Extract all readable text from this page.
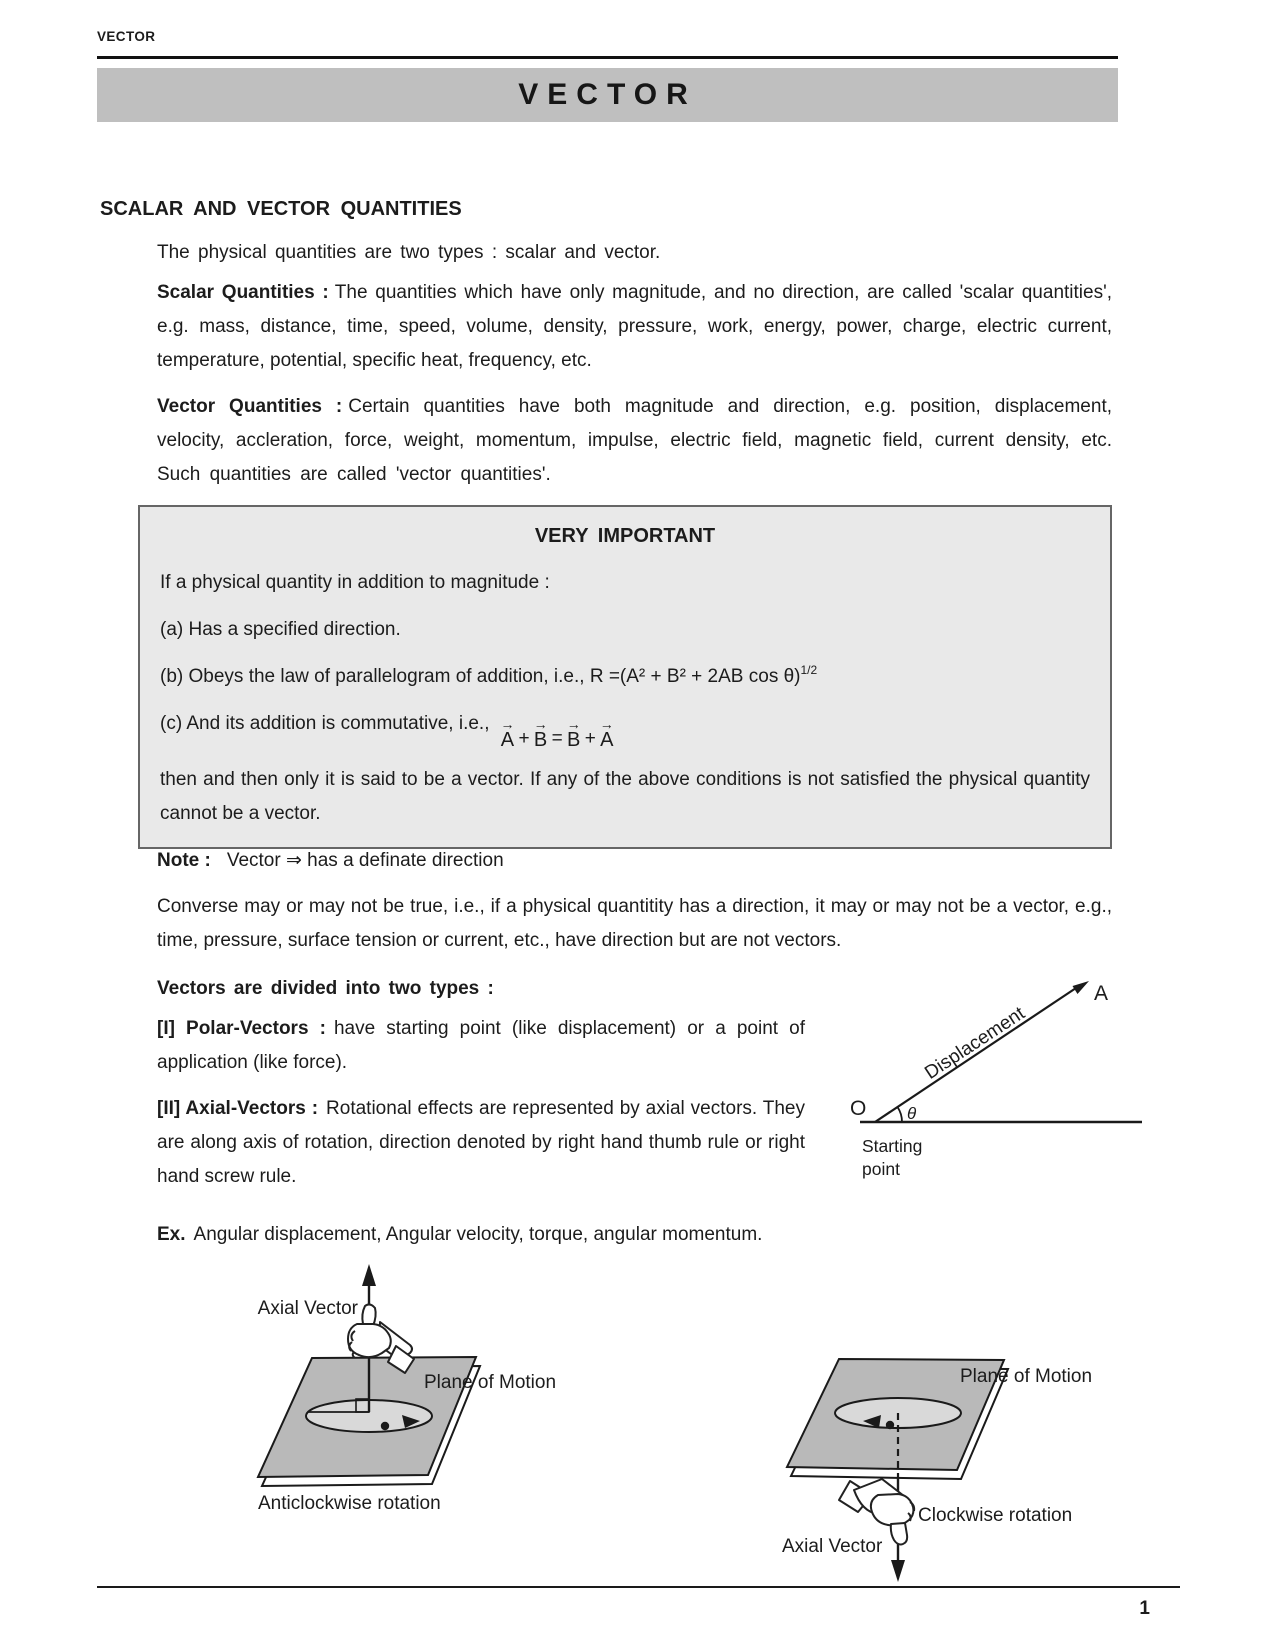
VECTOR
VECTOR
SCALAR AND VECTOR QUANTITIES
The physical quantities are two types : scalar and vector.
Scalar Quantities : The quantities which have only magnitude, and no direction, are called 'scalar quantities', e.g. mass, distance, time, speed, volume, density, pressure, work, energy, power, charge, electric current, temperature, potential, specific heat, frequency, etc.
Vector Quantities : Certain quantities have both magnitude and direction, e.g. position, displacement, velocity, accleration, force, weight, momentum, impulse, electric field, magnetic field, current density, etc. Such quantities are called 'vector quantities'.
VERY IMPORTANT
If a physical quantity in addition to magnitude :
(a) Has a specified direction.
(b) Obeys the law of parallelogram of addition, i.e., R =(A² + B² + 2AB cos θ)$^{1/2}$
(c) And its addition is commutative, i.e., →
A +
→
B =
→
B +
→
A
then and then only it is said to be a vector. If any of the above conditions is not satisfied the physical quantity cannot be a vector.
Note : Vector ⇒ has a definate direction
Converse may or may not be true, i.e., if a physical quantitity has a direction, it may or may not be a vector, e.g., time, pressure, surface tension or current, etc., have direction but are not vectors.
Vectors are divided into two types :
[I] Polar-Vectors : have starting point (like displacement) or a point of application (like force).
[II] Axial-Vectors : Rotational effects are represented by axial vectors. They are along axis of rotation, direction denoted by right hand thumb rule or right hand screw rule.
Ex. Angular displacement, Angular velocity, torque, angular momentum.
A
O θ
Displacement
Starting
point
Axial Vector
Plane of Motion
Anticlockwise rotation
Plane of Motion
Clockwise rotation
Axial Vector
1
